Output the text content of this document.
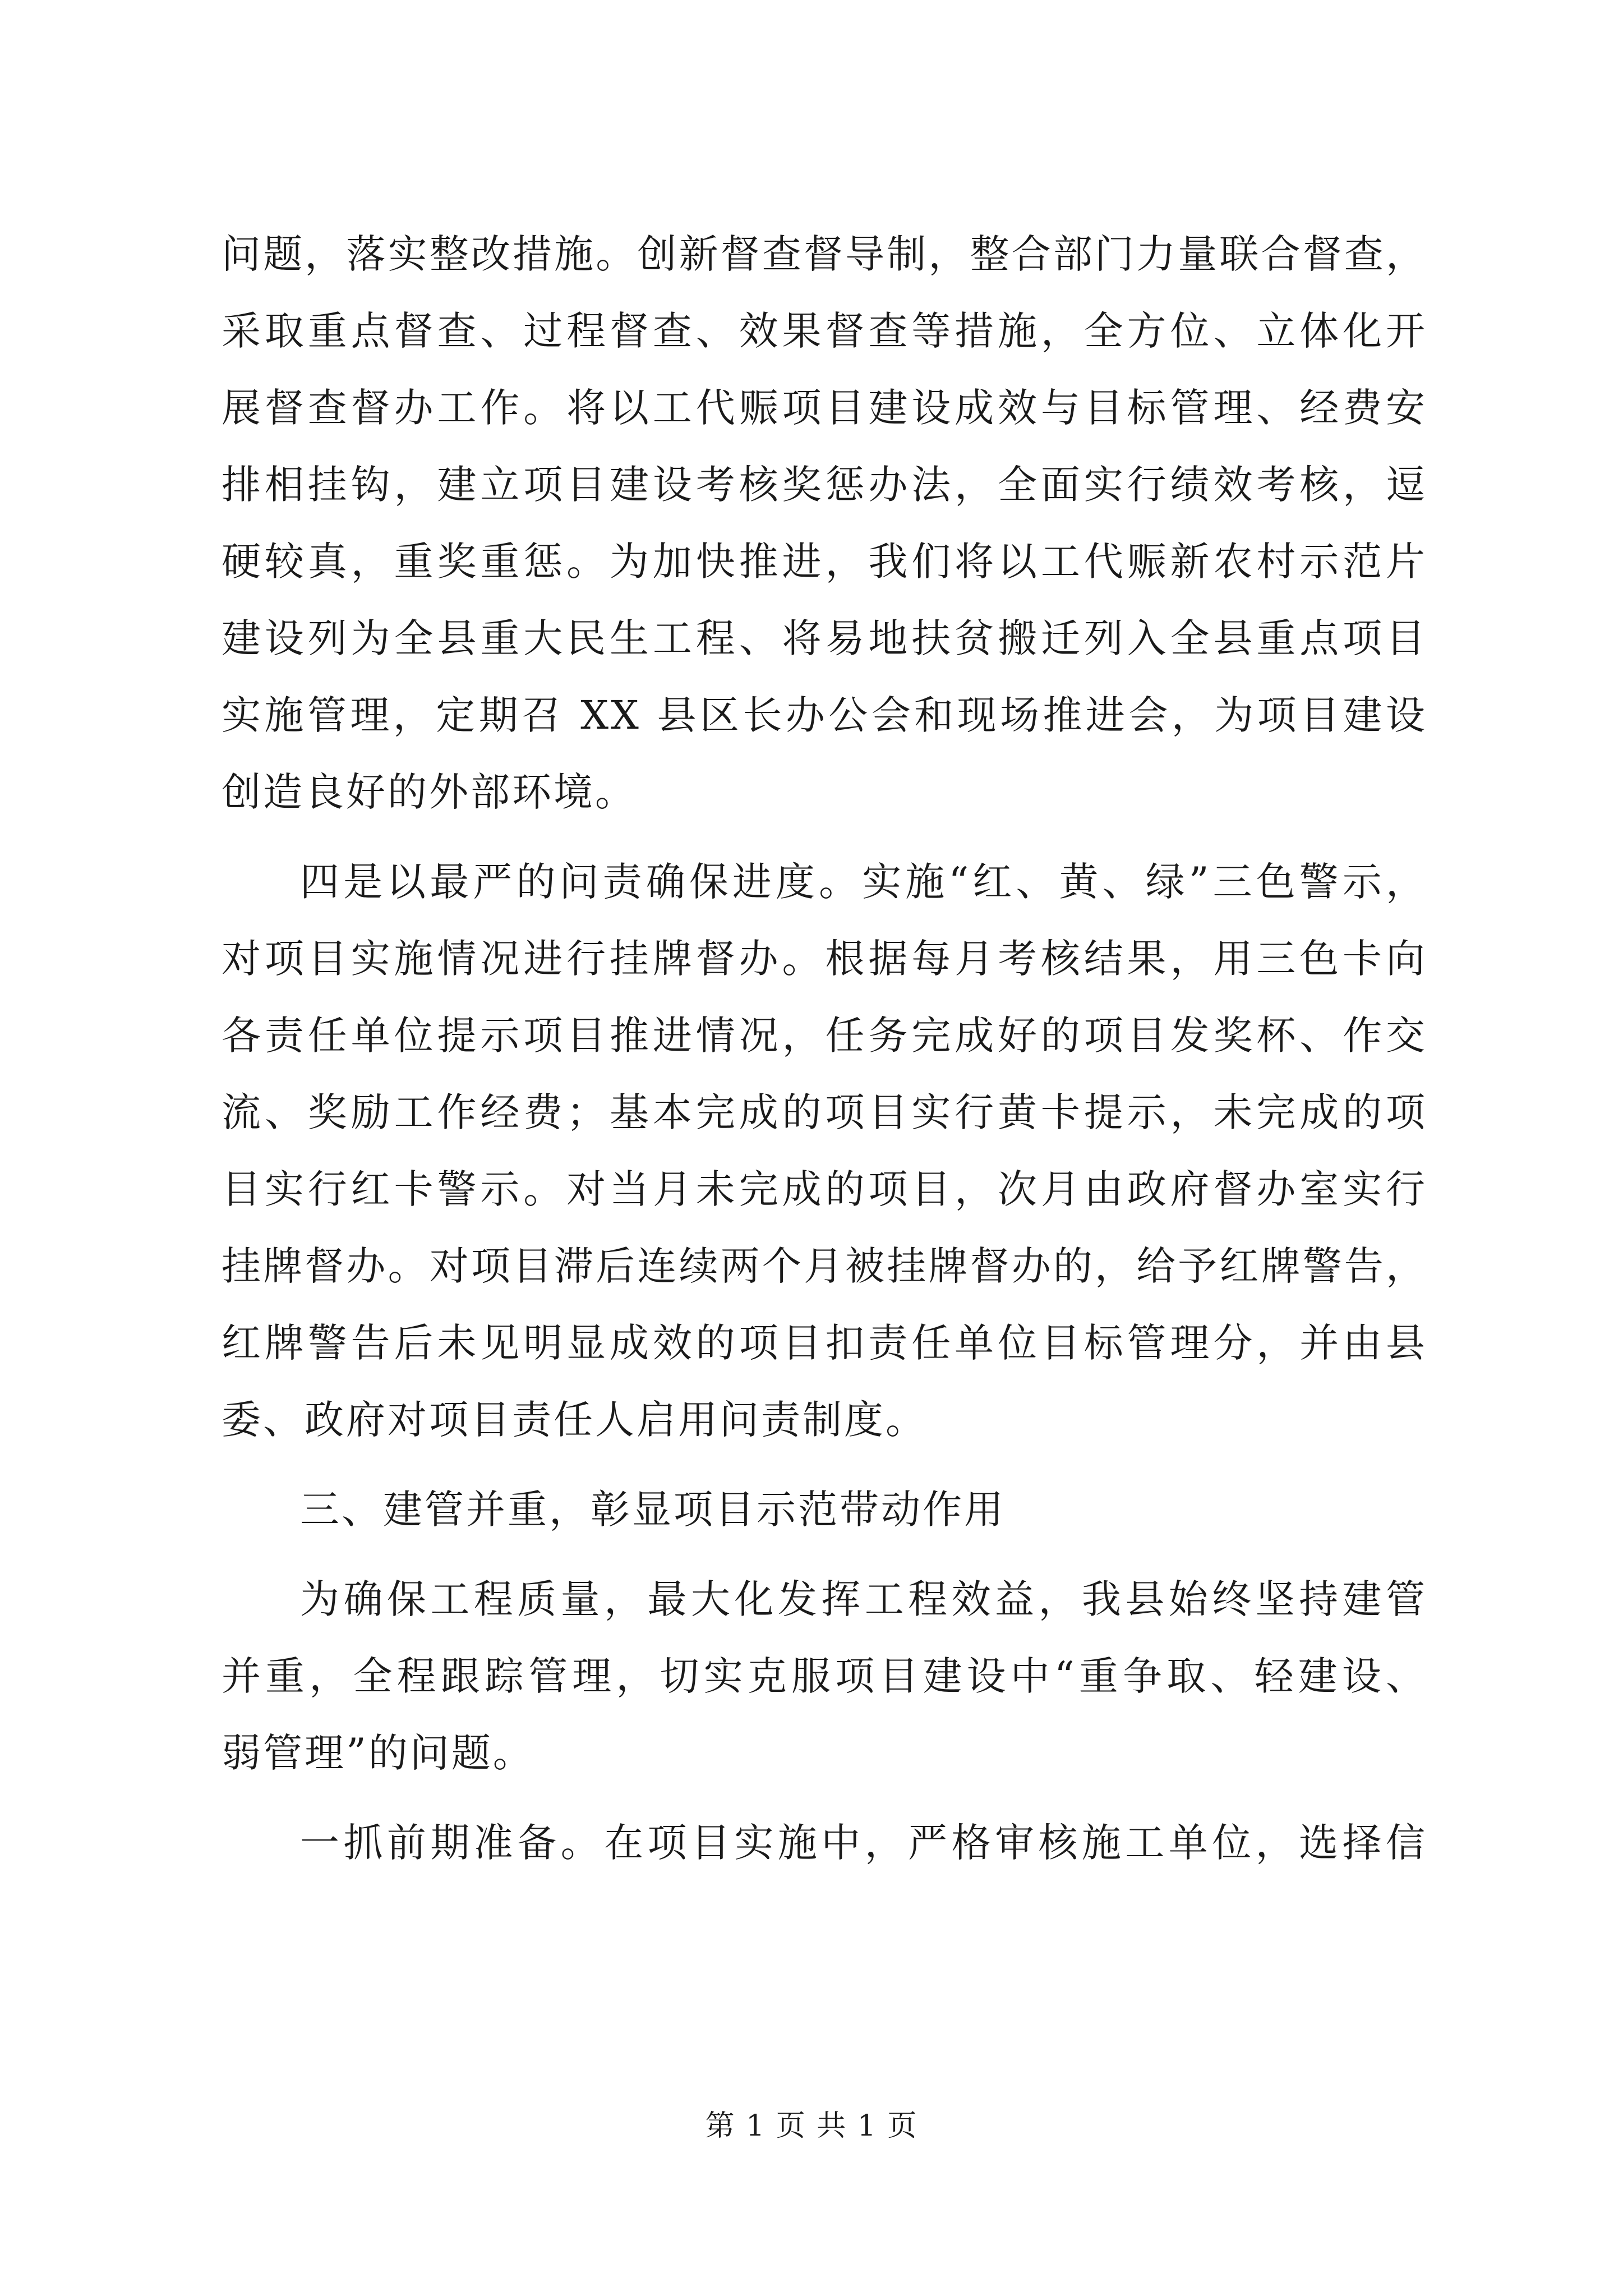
问题，落实整改措施。创新督查督导制，整合部门力量联合督查，
采取重点督查、过程督查、效果督查等措施，全方位、立体化开
展督查督办工作。将以工代赈项目建设成效与目标管理、经费安
排相挂钩，建立项目建设考核奖惩办法，全面实行绩效考核，逗
硬较真，重奖重惩。为加快推进，我们将以工代赈新农村示范片
建设列为全县重大民生工程、将易地扶贫搬迁列入全县重点项目
实施管理，定期召 XX 县区长办公会和现场推进会，为项目建设
创造良好的外部环境。
四是以最严的问责确保进度。实施“红、黄、绿”三色警示，
对项目实施情况进行挂牌督办。根据每月考核结果，用三色卡向
各责任单位提示项目推进情况，任务完成好的项目发奖杯、作交
流、奖励工作经费；基本完成的项目实行黄卡提示，未完成的项
目实行红卡警示。对当月未完成的项目，次月由政府督办室实行
挂牌督办。对项目滞后连续两个月被挂牌督办的，给予红牌警告，
红牌警告后未见明显成效的项目扣责任单位目标管理分，并由县
委、政府对项目责任人启用问责制度。
三、建管并重，彰显项目示范带动作用
为确保工程质量，最大化发挥工程效益，我县始终坚持建管
并重，全程跟踪管理，切实克服项目建设中“重争取、轻建设、
弱管理”的问题。
一抓前期准备。在项目实施中，严格审核施工单位，选择信
第 1 页 共 1 页
